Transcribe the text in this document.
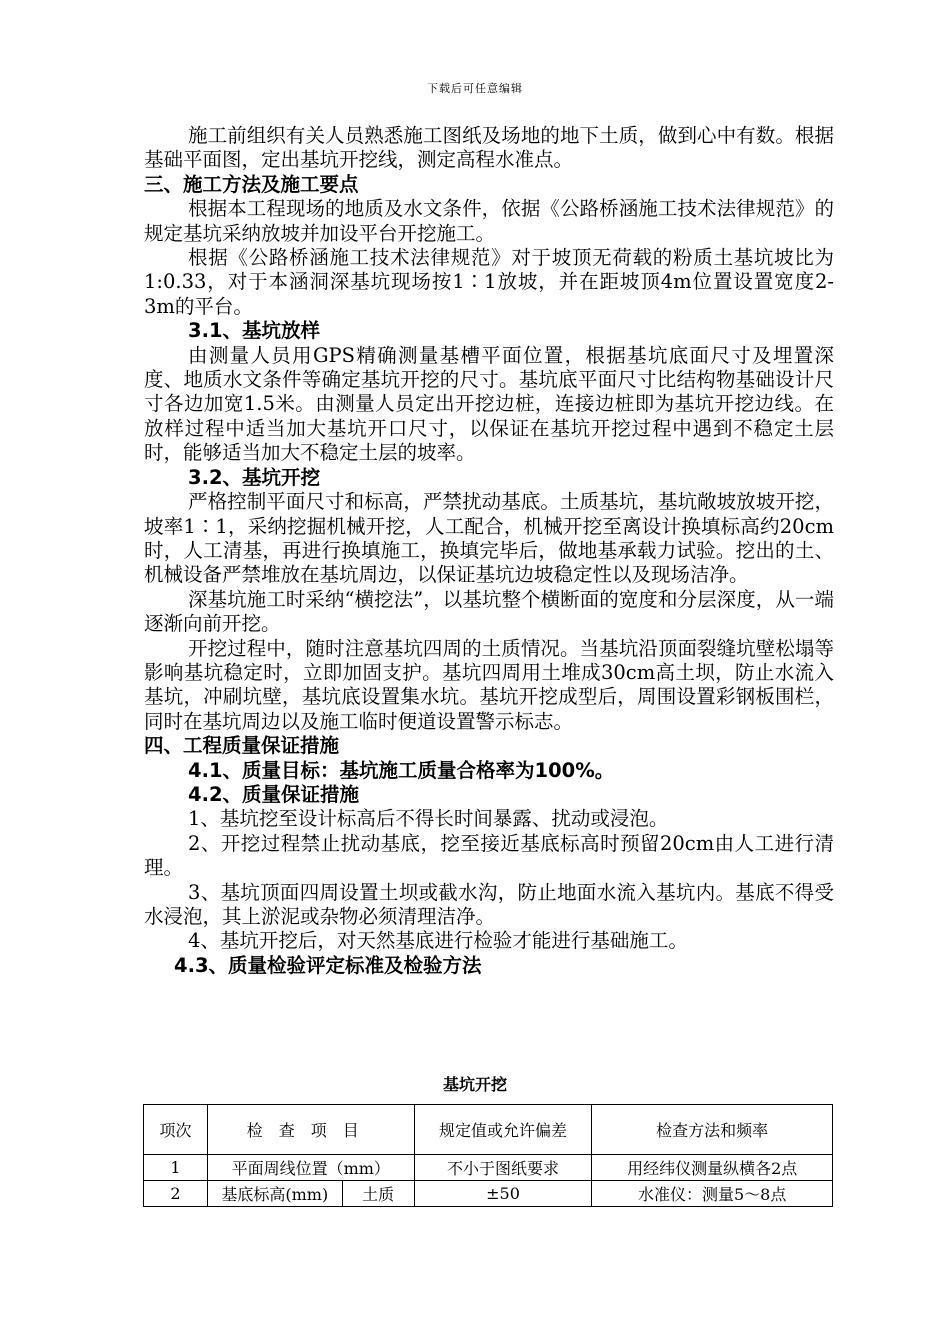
下载后可任意编辑

施工前组织有关人员熟悉施工图纸及场地的地下土质，做到心中有数。根据基础平面图，定出基坑开挖线，测定高程水准点。

三、施工方法及施工要点

根据本工程现场的地质及水文条件，依据《公路桥涵施工技术法律规范》的规定基坑采纳放坡并加设平台开挖施工。

根据《公路桥涵施工技术法律规范》对于坡顶无荷载的粉质土基坑坡比为1:0.33，对于本涵洞深基坑现场按1∶1放坡，并在距坡顶4m位置设置宽度2-3m的平台。

3.1、基坑放样

由测量人员用GPS精确测量基槽平面位置，根据基坑底面尺寸及埋置深度、地质水文条件等确定基坑开挖的尺寸。基坑底平面尺寸比结构物基础设计尺寸各边加宽1.5米。由测量人员定出开挖边桩，连接边桩即为基坑开挖边线。在放样过程中适当加大基坑开口尺寸，以保证在基坑开挖过程中遇到不稳定土层时，能够适当加大不稳定土层的坡率。

3.2、基坑开挖

严格控制平面尺寸和标高，严禁扰动基底。土质基坑，基坑敞坡放坡开挖，坡率1∶1，采纳挖掘机械开挖，人工配合，机械开挖至离设计换填标高约20cm时，人工清基，再进行换填施工，换填完毕后，做地基承载力试验。挖出的土、机械设备严禁堆放在基坑周边，以保证基坑边坡稳定性以及现场洁净。

深基坑施工时采纳“横挖法”，以基坑整个横断面的宽度和分层深度，从一端逐渐向前开挖。

开挖过程中，随时注意基坑四周的土质情况。当基坑沿顶面裂缝坑壁松塌等影响基坑稳定时，立即加固支护。基坑四周用土堆成30cm高土坝，防止水流入基坑，冲刷坑壁，基坑底设置集水坑。基坑开挖成型后，周围设置彩钢板围栏，同时在基坑周边以及施工临时便道设置警示标志。

四、工程质量保证措施

4.1、质量目标：基坑施工质量合格率为100%。

4.2、质量保证措施

1、基坑挖至设计标高后不得长时间暴露、扰动或浸泡。

2、开挖过程禁止扰动基底，挖至接近基底标高时预留20cm由人工进行清理。

3、基坑顶面四周设置土坝或截水沟，防止地面水流入基坑内。基底不得受水浸泡，其上淤泥或杂物必须清理洁净。

4、基坑开挖后，对天然基底进行检验才能进行基础施工。

4.3、质量检验评定标准及检验方法

基坑开挖
项次	检查项目		规定值或允许偏差	检查方法和频率
1	平面周线位置（mm）		不小于图纸要求	用经纬仪测量纵横各2点
2	基底标高(mm)	土质	±50	水准仪：测量5～8点
